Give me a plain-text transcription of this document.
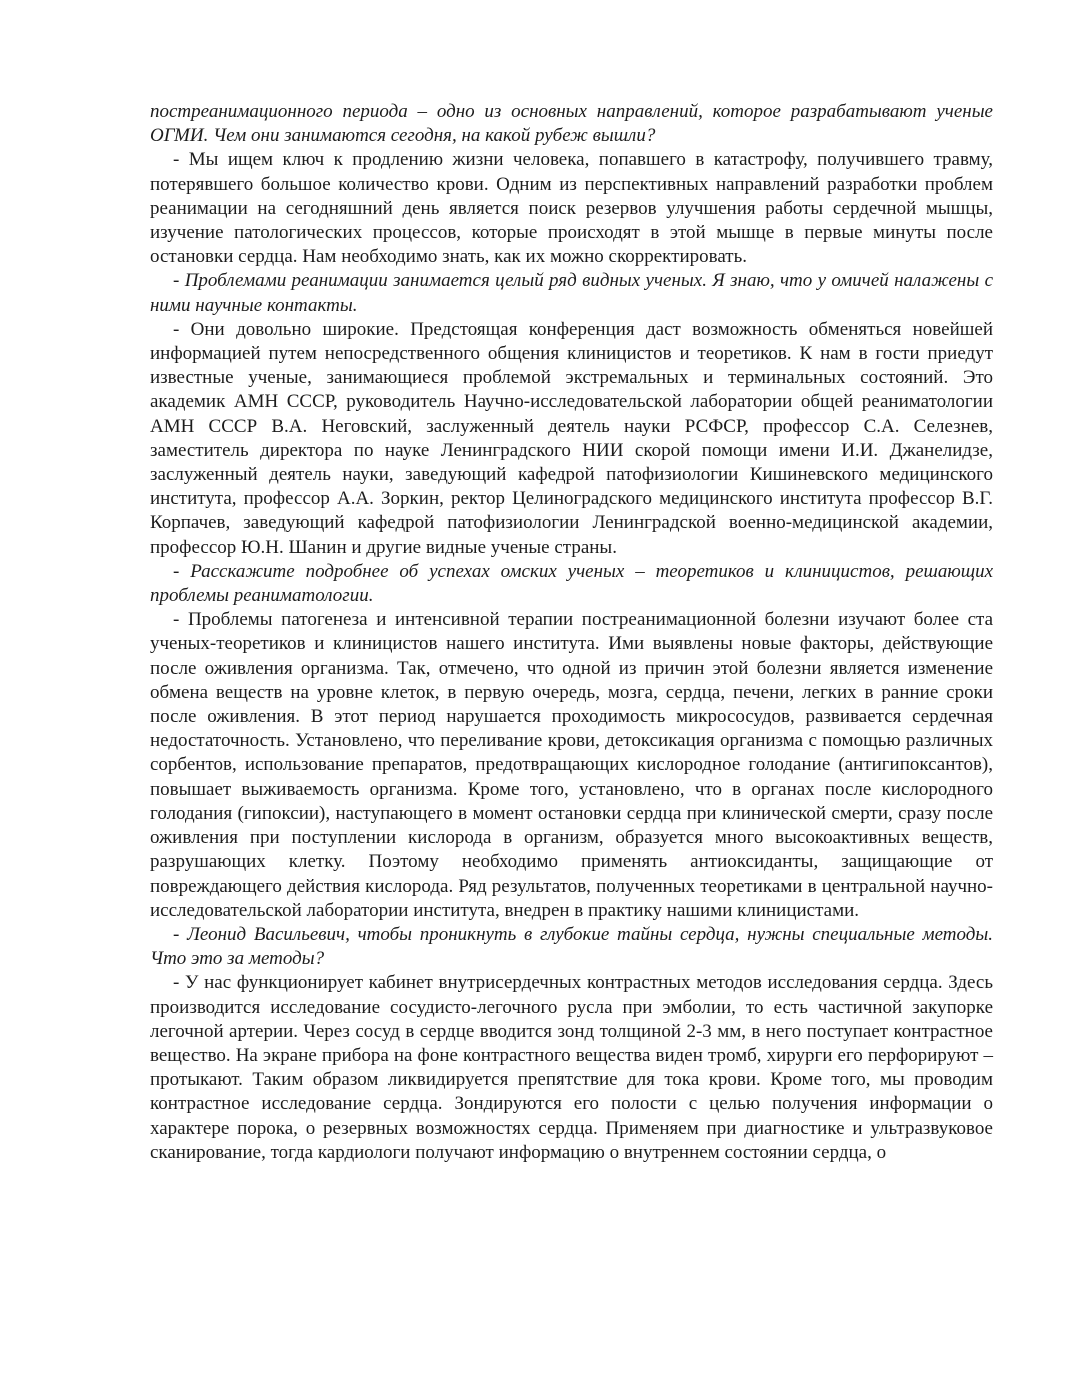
постреанимационного периода – одно из основных направлений, которое разрабатывают ученые ОГМИ. Чем они занимаются сегодня, на какой рубеж вышли?

- Мы ищем ключ к продлению жизни человека, попавшего в катастрофу, получившего травму, потерявшего большое количество крови. Одним из перспективных направлений разработки проблем реанимации на сегодняшний день является поиск резервов улучшения работы сердечной мышцы, изучение патологических процессов, которые происходят в этой мышце в первые минуты после остановки сердца. Нам необходимо знать, как их можно скорректировать.

- Проблемами реанимации занимается целый ряд видных ученых. Я знаю, что у омичей налажены с ними научные контакты.

- Они довольно широкие. Предстоящая конференция даст возможность обменяться новейшей информацией путем непосредственного общения клиницистов и теоретиков. К нам в гости приедут известные ученые, занимающиеся проблемой экстремальных и терминальных состояний. Это академик АМН СССР, руководитель Научно-исследовательской лаборатории общей реаниматологии АМН СССР В.А. Неговский, заслуженный деятель науки РСФСР, профессор С.А. Селезнев, заместитель директора по науке Ленинградского НИИ скорой помощи имени И.И. Джанелидзе, заслуженный деятель науки, заведующий кафедрой патофизиологии Кишиневского медицинского института, профессор А.А. Зоркин, ректор Целиноградского медицинского института профессор В.Г. Корпачев, заведующий кафедрой патофизиологии Ленинградской военно-медицинской академии, профессор Ю.Н. Шанин и другие видные ученые страны.

- Расскажите подробнее об успехах омских ученых – теоретиков и клиницистов, решающих проблемы реаниматологии.

- Проблемы патогенеза и интенсивной терапии постреанимационной болезни изучают более ста ученых-теоретиков и клиницистов нашего института. Ими выявлены новые факторы, действующие после оживления организма. Так, отмечено, что одной из причин этой болезни является изменение обмена веществ на уровне клеток, в первую очередь, мозга, сердца, печени, легких в ранние сроки после оживления. В этот период нарушается проходимость микрососудов, развивается сердечная недостаточность. Установлено, что переливание крови, детоксикация организма с помощью различных сорбентов, использование препаратов, предотвращающих кислородное голодание (антигипоксантов), повышает выживаемость организма. Кроме того, установлено, что в органах после кислородного голодания (гипоксии), наступающего в момент остановки сердца при клинической смерти, сразу после оживления при поступлении кислорода в организм, образуется много высокоактивных веществ, разрушающих клетку. Поэтому необходимо применять антиоксиданты, защищающие от повреждающего действия кислорода. Ряд результатов, полученных теоретиками в центральной научно-исследовательской лаборатории института, внедрен в практику нашими клиницистами.

- Леонид Васильевич, чтобы проникнуть в глубокие тайны сердца, нужны специальные методы. Что это за методы?

- У нас функционирует кабинет внутрисердечных контрастных методов исследования сердца. Здесь производится исследование сосудисто-легочного русла при эмболии, то есть частичной закупорке легочной артерии. Через сосуд в сердце вводится зонд толщиной 2-3 мм, в него поступает контрастное вещество. На экране прибора на фоне контрастного вещества виден тромб, хирурги его перфорируют – протыкают. Таким образом ликвидируется препятствие для тока крови. Кроме того, мы проводим контрастное исследование сердца. Зондируются его полости с целью получения информации о характере порока, о резервных возможностях сердца. Применяем при диагностике и ультразвуковое сканирование, тогда кардиологи получают информацию о внутреннем состоянии сердца, о
